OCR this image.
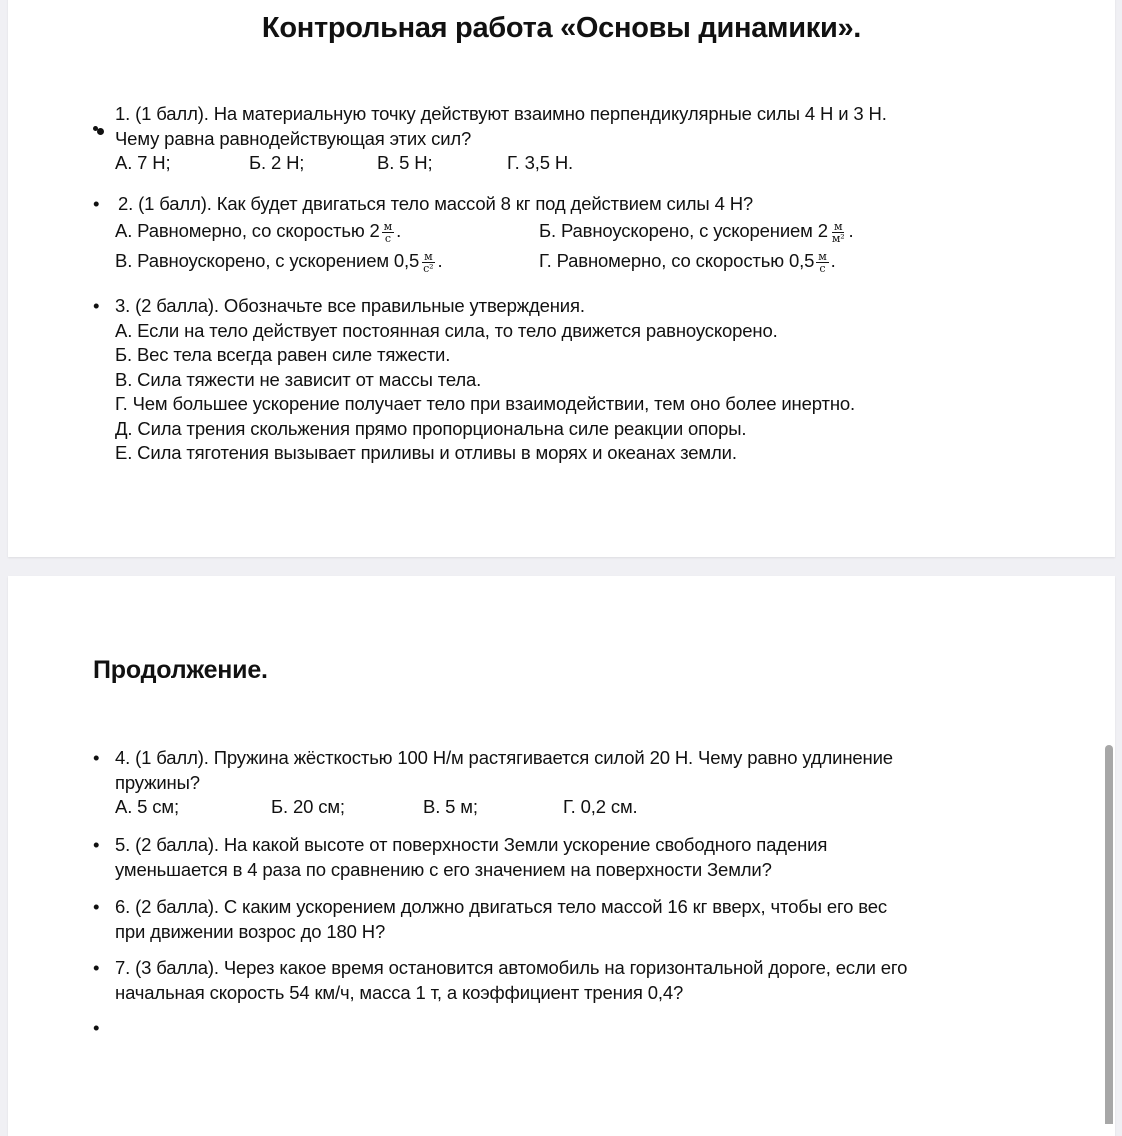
Контрольная работа «Основы динамики».
1. (1 балл). На материальную точку действуют взаимно перпендикулярные силы 4 Н и 3 Н.
Чему равна равнодействующая этих сил?
А. 7 Н;	Б. 2 Н;	В. 5 Н;	Г. 3,5 Н.
•	2. (1 балл). Как будет двигаться тело массой 8 кг под действием силы 4 Н?
А. Равномерно, со скоростью $2 \frac{м}{с}$ .	Б. Равноускорено, с ускорением $2 \frac{м}{\text{м²}}$ .
В. Равноускорено, с ускорением $0,5 \frac{м}{\text{с²}}$ .	Г. Равномерно, со скоростью $0,5 \frac{м}{с}$ .
• 3. (2 балла). Обозначьте все правильные утверждения.
А. Если на тело действует постоянная сила, то тело движется равноускорено.
Б. Вес тела всегда равен силе тяжести.
В. Сила тяжести не зависит от массы тела.
Г. Чем большее ускорение получает тело при взаимодействии, тем оно более инертно.
Д. Сила трения скольжения прямо пропорциональна силе реакции опоры.
Е. Сила тяготения вызывает приливы и отливы в морях и океанах земли.
Продолжение.
• 4. (1 балл). Пружина жёсткостью 100 Н/м растягивается силой 20 Н. Чему равно удлинение
пружины?
А. 5 см;	Б. 20 см;	В. 5 м;	Г. 0,2 см.
• 5. (2 балла). На какой высоте от поверхности Земли ускорение свободного падения
уменьшается в 4 раза по сравнению с его значением на поверхности Земли?
• 6. (2 балла). С каким ускорением должно двигаться тело массой 16 кг вверх, чтобы его вес
при движении возрос до 180 Н?
• 7. (3 балла). Через какое время остановится автомобиль на горизонтальной дороге, если его
начальная скорость 54 км/ч, масса 1 т, а коэффициент трения 0,4?
•
